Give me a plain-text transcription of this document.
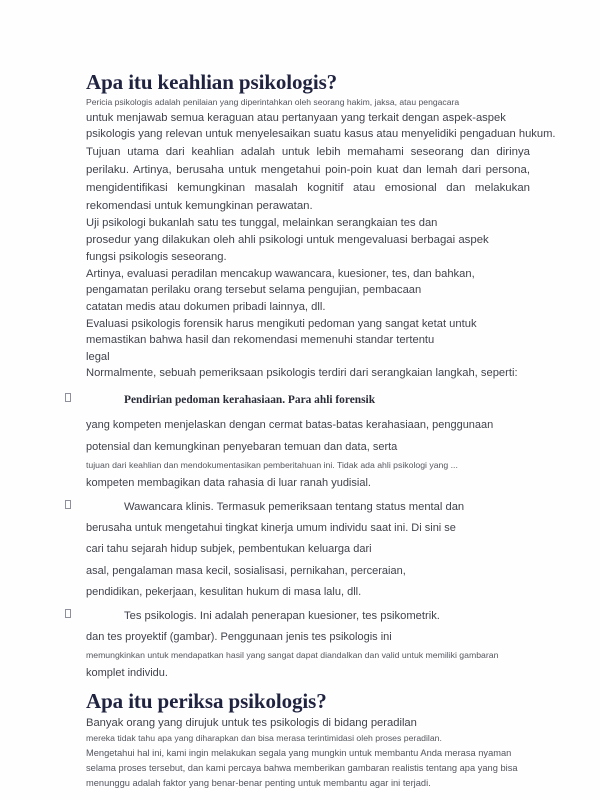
Apa itu keahlian psikologis?
Pericia psikologis adalah penilaian yang diperintahkan oleh seorang hakim, jaksa, atau pengacara
untuk menjawab semua keraguan atau pertanyaan yang terkait dengan aspek-aspek
psikologis yang relevan untuk menyelesaikan suatu kasus atau menyelidiki pengaduan hukum.
Tujuan utama dari keahlian adalah untuk lebih memahami seseorang dan dirinya perilaku. Artinya, berusaha untuk mengetahui poin-poin kuat dan lemah dari persona, mengidentifikasi kemungkinan masalah kognitif atau emosional dan melakukan rekomendasi untuk kemungkinan perawatan.
Uji psikologi bukanlah satu tes tunggal, melainkan serangkaian tes dan
prosedur yang dilakukan oleh ahli psikologi untuk mengevaluasi berbagai aspek
fungsi psikologis seseorang.
Artinya, evaluasi peradilan mencakup wawancara, kuesioner, tes, dan bahkan,
pengamatan perilaku orang tersebut selama pengujian, pembacaan
catatan medis atau dokumen pribadi lainnya, dll.
Evaluasi psikologis forensik harus mengikuti pedoman yang sangat ketat untuk
memastikan bahwa hasil dan rekomendasi memenuhi standar tertentu
legal
Normalmente, sebuah pemeriksaan psikologis terdiri dari serangkaian langkah, seperti:
Pendirian pedoman kerahasiaan. Para ahli forensik
yang kompeten menjelaskan dengan cermat batas-batas kerahasiaan, penggunaan
potensial dan kemungkinan penyebaran temuan dan data, serta
tujuan dari keahlian dan mendokumentasikan pemberitahuan ini. Tidak ada ahli psikologi yang ...
kompeten membagikan data rahasia di luar ranah yudisial.
Wawancara klinis. Termasuk pemeriksaan tentang status mental dan
berusaha untuk mengetahui tingkat kinerja umum individu saat ini. Di sini se
cari tahu sejarah hidup subjek, pembentukan keluarga dari
asal, pengalaman masa kecil, sosialisasi, pernikahan, perceraian,
pendidikan, pekerjaan, kesulitan hukum di masa lalu, dll.
Tes psikologis. Ini adalah penerapan kuesioner, tes psikometrik.
dan tes proyektif (gambar). Penggunaan jenis tes psikologis ini
memungkinkan untuk mendapatkan hasil yang sangat dapat diandalkan dan valid untuk memiliki gambaran
komplet individu.
Apa itu periksa psikologis?
Banyak orang yang dirujuk untuk tes psikologis di bidang peradilan
mereka tidak tahu apa yang diharapkan dan bisa merasa terintimidasi oleh proses peradilan.
Mengetahui hal ini, kami ingin melakukan segala yang mungkin untuk membantu Anda merasa nyaman
selama proses tersebut, dan kami percaya bahwa memberikan gambaran realistis tentang apa yang bisa
menunggu adalah faktor yang benar-benar penting untuk membantu agar ini terjadi.
